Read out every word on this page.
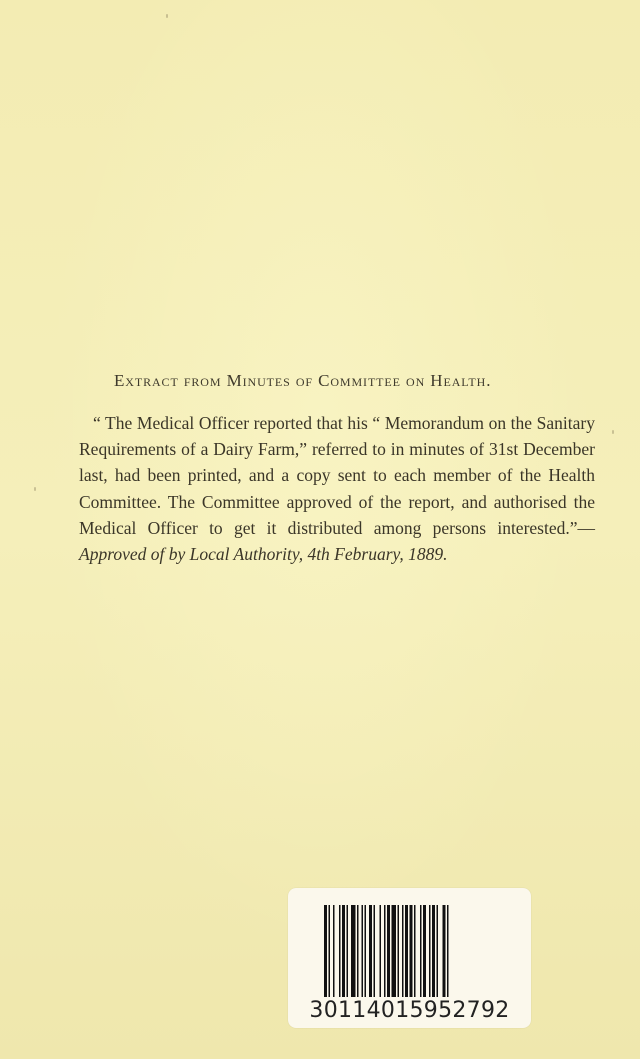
Extract from Minutes of Committee on Health.

“ The Medical Officer reported that his “ Memorandum on the Sanitary Requirements of a Dairy Farm,” referred to in minutes of 31st December last, had been printed, and a copy sent to each member of the Health Committee. The Committee approved of the report, and authorised the Medical Officer to get it distributed among persons interested.”—Approved of by Local Authority, 4th February, 1889.

30114015952792
